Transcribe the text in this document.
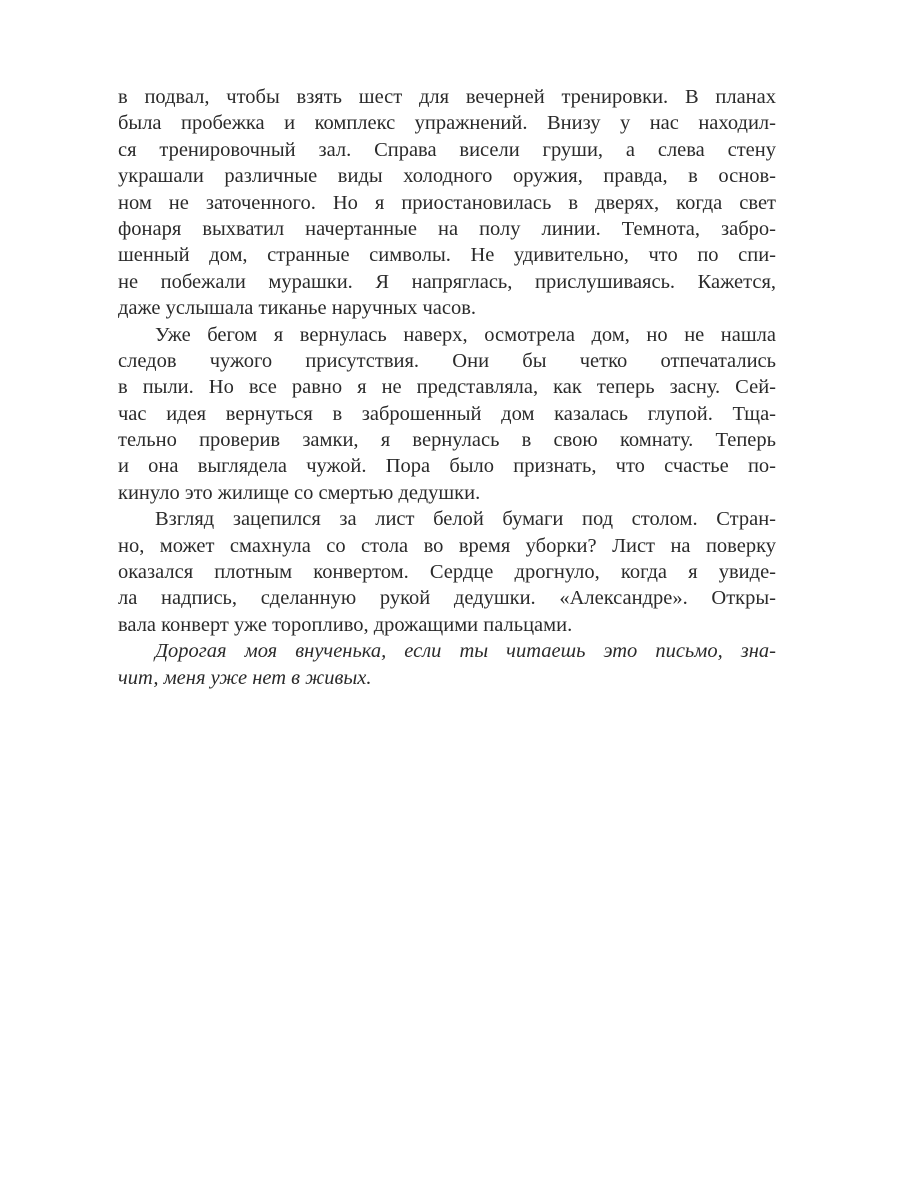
в подвал, чтобы взять шест для вечерней тренировки. В планах
была пробежка и комплекс упражнений. Внизу у нас находил-
ся тренировочный зал. Справа висели груши, а слева стену
украшали различные виды холодного оружия, правда, в основ-
ном не заточенного. Но я приостановилась в дверях, когда свет
фонаря выхватил начертанные на полу линии. Темнота, забро-
шенный дом, странные символы. Не удивительно, что по спи-
не побежали мурашки. Я напряглась, прислушиваясь. Кажется,
даже услышала тиканье наручных часов.
Уже бегом я вернулась наверх, осмотрела дом, но не нашла
следов чужого присутствия. Они бы четко отпечатались
в пыли. Но все равно я не представляла, как теперь засну. Сей-
час идея вернуться в заброшенный дом казалась глупой. Тща-
тельно проверив замки, я вернулась в свою комнату. Теперь
и она выглядела чужой. Пора было признать, что счастье по-
кинуло это жилище со смертью дедушки.
Взгляд зацепился за лист белой бумаги под столом. Стран-
но, может смахнула со стола во время уборки? Лист на поверку
оказался плотным конвертом. Сердце дрогнуло, когда я увиде-
ла надпись, сделанную рукой дедушки. «Александре». Откры-
вала конверт уже торопливо, дрожащими пальцами.
Дорогая моя внученька, если ты читаешь это письмо, зна-
чит, меня уже нет в живых.
